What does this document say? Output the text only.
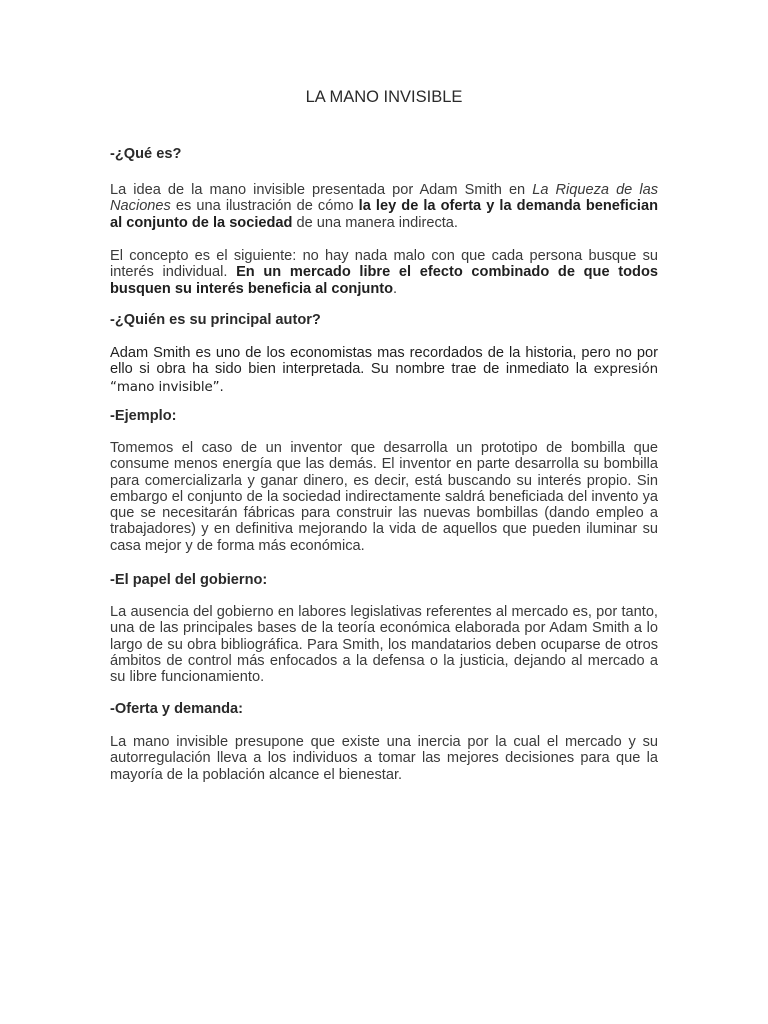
LA MANO INVISIBLE
-¿Qué es?
La idea de la mano invisible presentada por Adam Smith en La Riqueza de las Naciones es una ilustración de cómo la ley de la oferta y la demanda benefician al conjunto de la sociedad de una manera indirecta.
El concepto es el siguiente: no hay nada malo con que cada persona busque su interés individual. En un mercado libre el efecto combinado de que todos busquen su interés beneficia al conjunto.
-¿Quién es su principal autor?
Adam Smith es uno de los economistas mas recordados de la historia, pero no por ello si obra ha sido bien interpretada. Su nombre trae de inmediato la expresión “mano invisible”.
-Ejemplo:
Tomemos el caso de un inventor que desarrolla un prototipo de bombilla que consume menos energía que las demás. El inventor en parte desarrolla su bombilla para comercializarla y ganar dinero, es decir, está buscando su interés propio. Sin embargo el conjunto de la sociedad indirectamente saldrá beneficiada del invento ya que se necesitarán fábricas para construir las nuevas bombillas (dando empleo a trabajadores) y en definitiva mejorando la vida de aquellos que pueden iluminar su casa mejor y de forma más económica.
-El papel del gobierno:
La ausencia del gobierno en labores legislativas referentes al mercado es, por tanto, una de las principales bases de la teoría económica elaborada por Adam Smith a lo largo de su obra bibliográfica. Para Smith, los mandatarios deben ocuparse de otros ámbitos de control más enfocados a la defensa o la justicia, dejando al mercado a su libre funcionamiento.
-Oferta y demanda:
La mano invisible presupone que existe una inercia por la cual el mercado y su autorregulación lleva a los individuos a tomar las mejores decisiones para que la mayoría de la población alcance el bienestar.
